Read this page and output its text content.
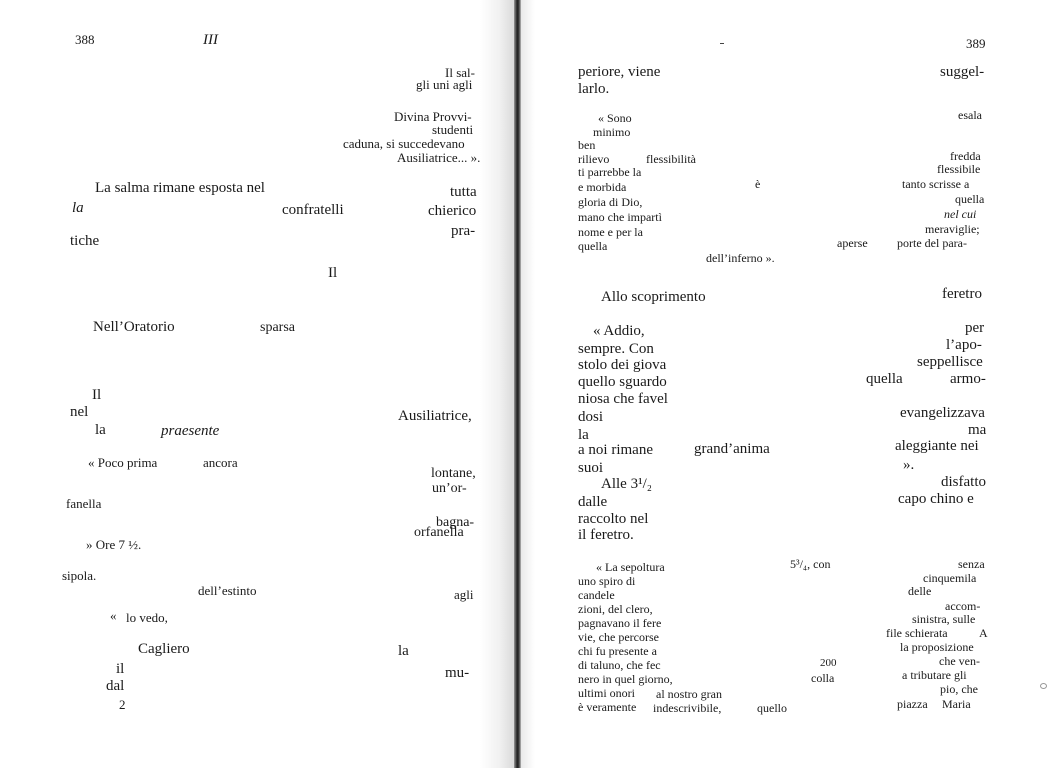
388	III
Il sal-
gli uni agli
Divina Provvi-
studenti
caduna, si succedevano
Ausiliatrice... ».
La salma rimane esposta nel	tutta
la	confratelli	chierico
pra-
tiche
Il
Nell’Oratorio	sparsa
Il
nel	Ausiliatrice,
la	praesente
« Poco prima	ancora
lontane,
un’or-
fanella
bagna-
orfanella
» Ore 7 ½.
sipola.
dell’estinto	agli
« lo vedo,
Cagliero	la
il	mu-
dal
2
389
periore, viene	suggel-
larlo.
« Sono	esala
minimo
ben
rilievo	flessibilità	fredda
ti parrebbe la	flessibile
e morbida	è	tanto scrisse a
gloria di Dio,	quella
nel cui
mano che impartì
meraviglie;
nome e per la
quella	aperse porte del para-
dell’inferno ».
Allo scoprimento	feretro
« Addio,	per
sempre. Con	l’apo-
stolo dei giova	seppellisce
quello sguardo	quella	armo-
niosa che favel
dosi	evangelizzava
ma
la
a noi rimane	grand’anima	aleggiante nei
suoi	».
Alle 3¹/₂	disfatto
dalle	capo chino e
raccolto nel
il feretro.
« La sepoltura	5³/₄, con	senza
uno spiro di	cinquemila
candele	delle
zioni, del clero,	accom-
pagnavano il fere	sinistra, sulle
vie, che percorse	file schierata	A
chi fu presente a	la proposizione
di taluno, che fec	200	che ven-
nero in quel giorno,	colla	a tributare gli
ultimi onori al nostro gran	pio, che
è veramente indescrivibile,	quello	piazza Maria
